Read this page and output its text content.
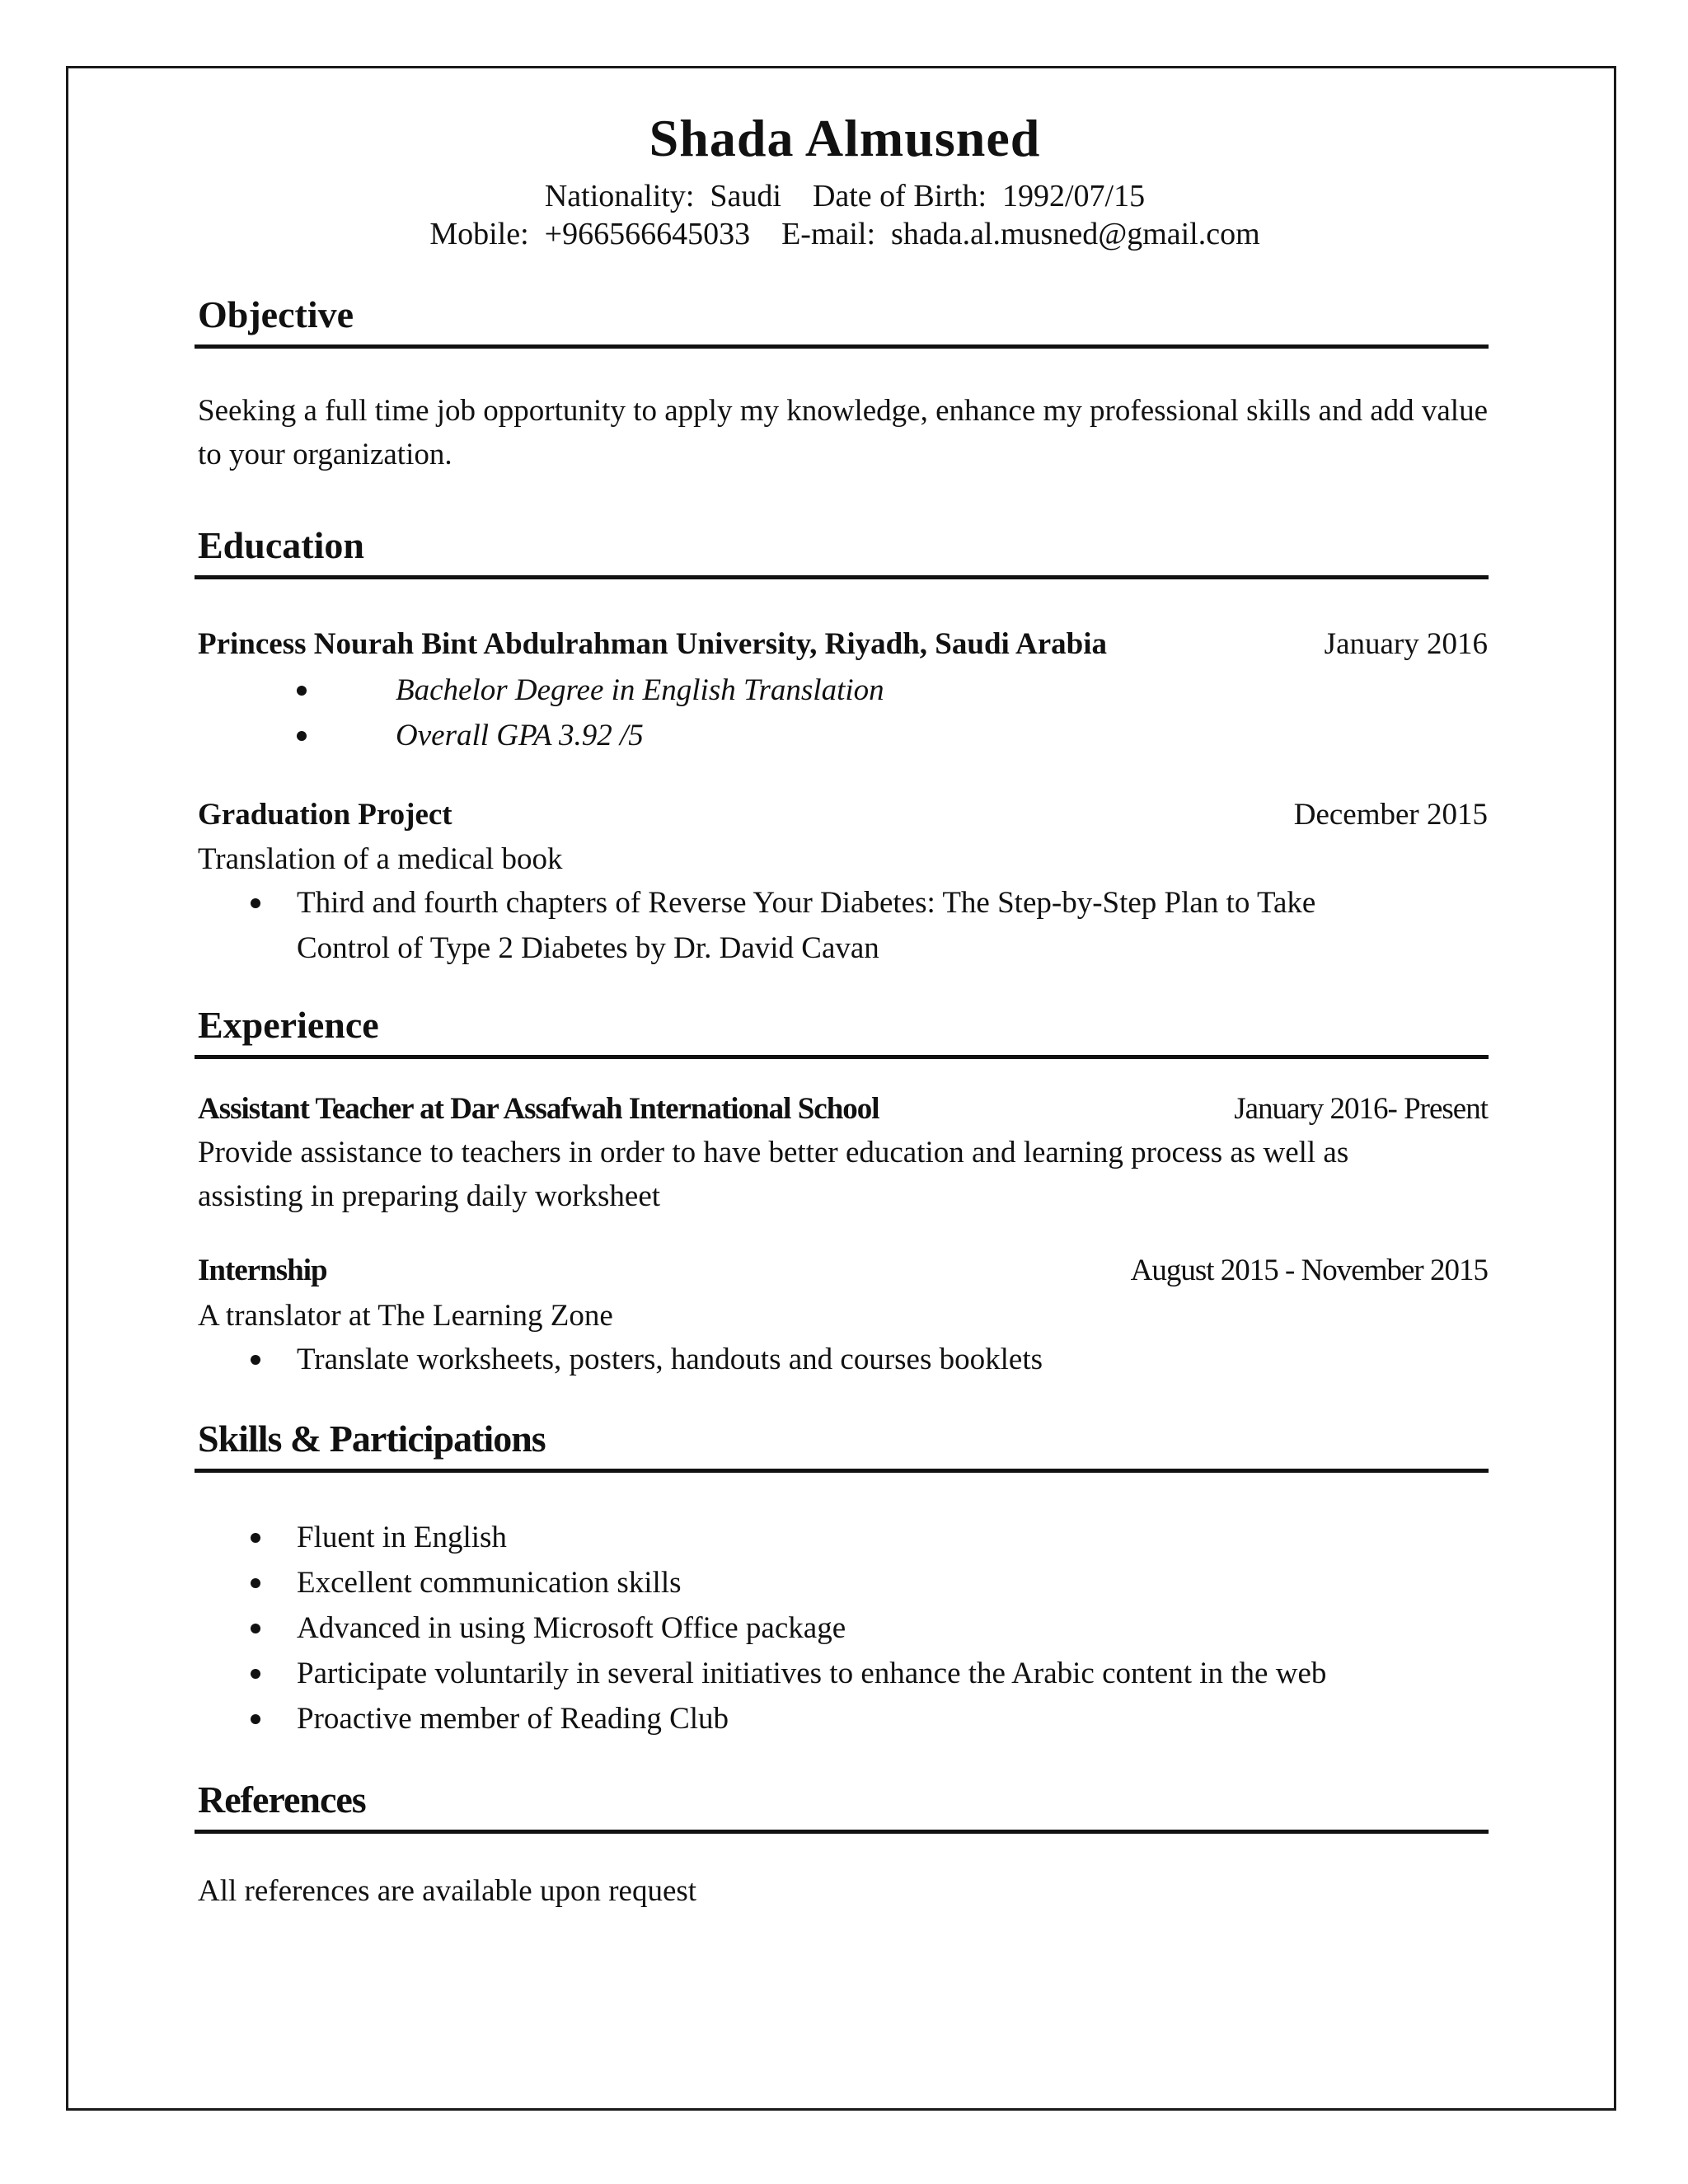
Shada Almusned
Nationality:  Saudi    Date of Birth:  1992/07/15
Mobile:  +966566645033    E-mail:  shada.al.musned@gmail.com
Objective
Seeking a full time job opportunity to apply my knowledge, enhance my professional skills and add value to your organization.
Education
Princess Nourah Bint Abdulrahman University, Riyadh, Saudi Arabia	January 2016
Bachelor Degree in English Translation
Overall GPA 3.92 /5
Graduation Project	December 2015
Translation of a medical book
Third and fourth chapters of Reverse Your Diabetes: The Step-by-Step Plan to Take Control of Type 2 Diabetes by Dr. David Cavan
Experience
Assistant Teacher at Dar Assafwah International School	January 2016- Present
Provide assistance to teachers in order to have better education and learning process as well as assisting in preparing daily worksheet
Internship	August 2015 - November 2015
A translator at The Learning Zone
Translate worksheets, posters, handouts and courses booklets
Skills & Participations
Fluent in English
Excellent communication skills
Advanced in using Microsoft Office package
Participate voluntarily in several initiatives to enhance the Arabic content in the web
Proactive member of Reading Club
References
All references are available upon request
